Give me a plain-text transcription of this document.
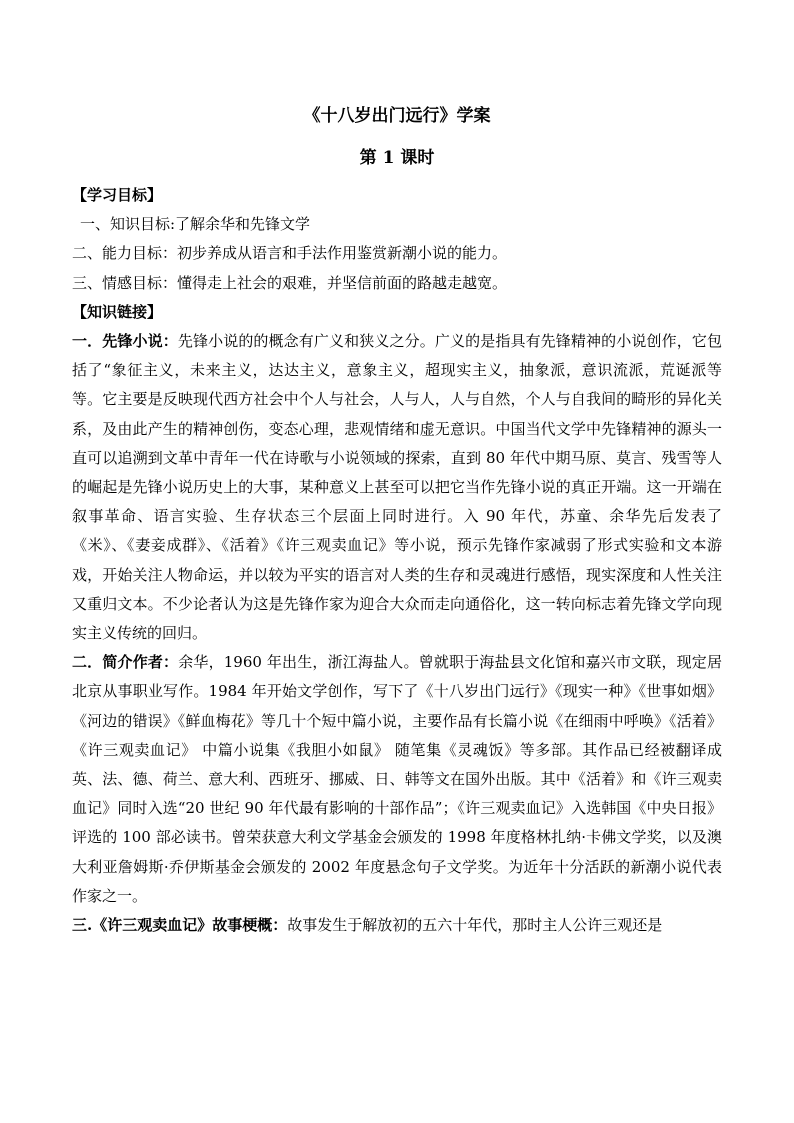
《十八岁出门远行》学案
第 1 课时

【学习目标】

一、知识目标:了解余华和先锋文学

二、能力目标：初步养成从语言和手法作用鉴赏新潮小说的能力。

三、情感目标：懂得走上社会的艰难，并坚信前面的路越走越宽。

【知识链接】

一．先锋小说：先锋小说的的概念有广义和狭义之分。广义的是指具有先锋精神的小说创作，它包括了“象征主义，未来主义，达达主义，意象主义，超现实主义，抽象派，意识流派，荒诞派等等。它主要是反映现代西方社会中个人与社会，人与人，人与自然，个人与自我间的畸形的异化关系，及由此产生的精神创伤，变态心理，悲观情绪和虚无意识。中国当代文学中先锋精神的源头一直可以追溯到文革中青年一代在诗歌与小说领域的探索，直到 80 年代中期马原、莫言、残雪等人的崛起是先锋小说历史上的大事，某种意义上甚至可以把它当作先锋小说的真正开端。这一开端在叙事革命、语言实验、生存状态三个层面上同时进行。入 90 年代，苏童、余华先后发表了《米》、《妻妾成群》、《活着》《许三观卖血记》等小说，预示先锋作家减弱了形式实验和文本游戏，开始关注人物命运，并以较为平实的语言对人类的生存和灵魂进行感悟，现实深度和人性关注又重归文本。不少论者认为这是先锋作家为迎合大众而走向通俗化，这一转向标志着先锋文学向现实主义传统的回归。

二．简介作者：余华，1960 年出生，浙江海盐人。曾就职于海盐县文化馆和嘉兴市文联，现定居北京从事职业写作。1984 年开始文学创作，写下了《十八岁出门远行》《现实一种》《世事如烟》《河边的错误》《鲜血梅花》等几十个短中篇小说，主要作品有长篇小说《在细雨中呼唤》《活着》《许三观卖血记》 中篇小说集《我胆小如鼠》 随笔集《灵魂饭》等多部。其作品已经被翻译成英、法、德、荷兰、意大利、西班牙、挪威、日、韩等文在国外出版。其中《活着》和《许三观卖血记》同时入选“20 世纪 90 年代最有影响的十部作品”；《许三观卖血记》入选韩国《中央日报》评选的 100 部必读书。曾荣获意大利文学基金会颁发的 1998 年度格林扎纳·卡佛文学奖，以及澳大利亚詹姆斯·乔伊斯基金会颁发的 2002 年度悬念句子文学奖。为近年十分活跃的新潮小说代表作家之一。

三.《许三观卖血记》故事梗概：故事发生于解放初的五六十年代，那时主人公许三观还是
